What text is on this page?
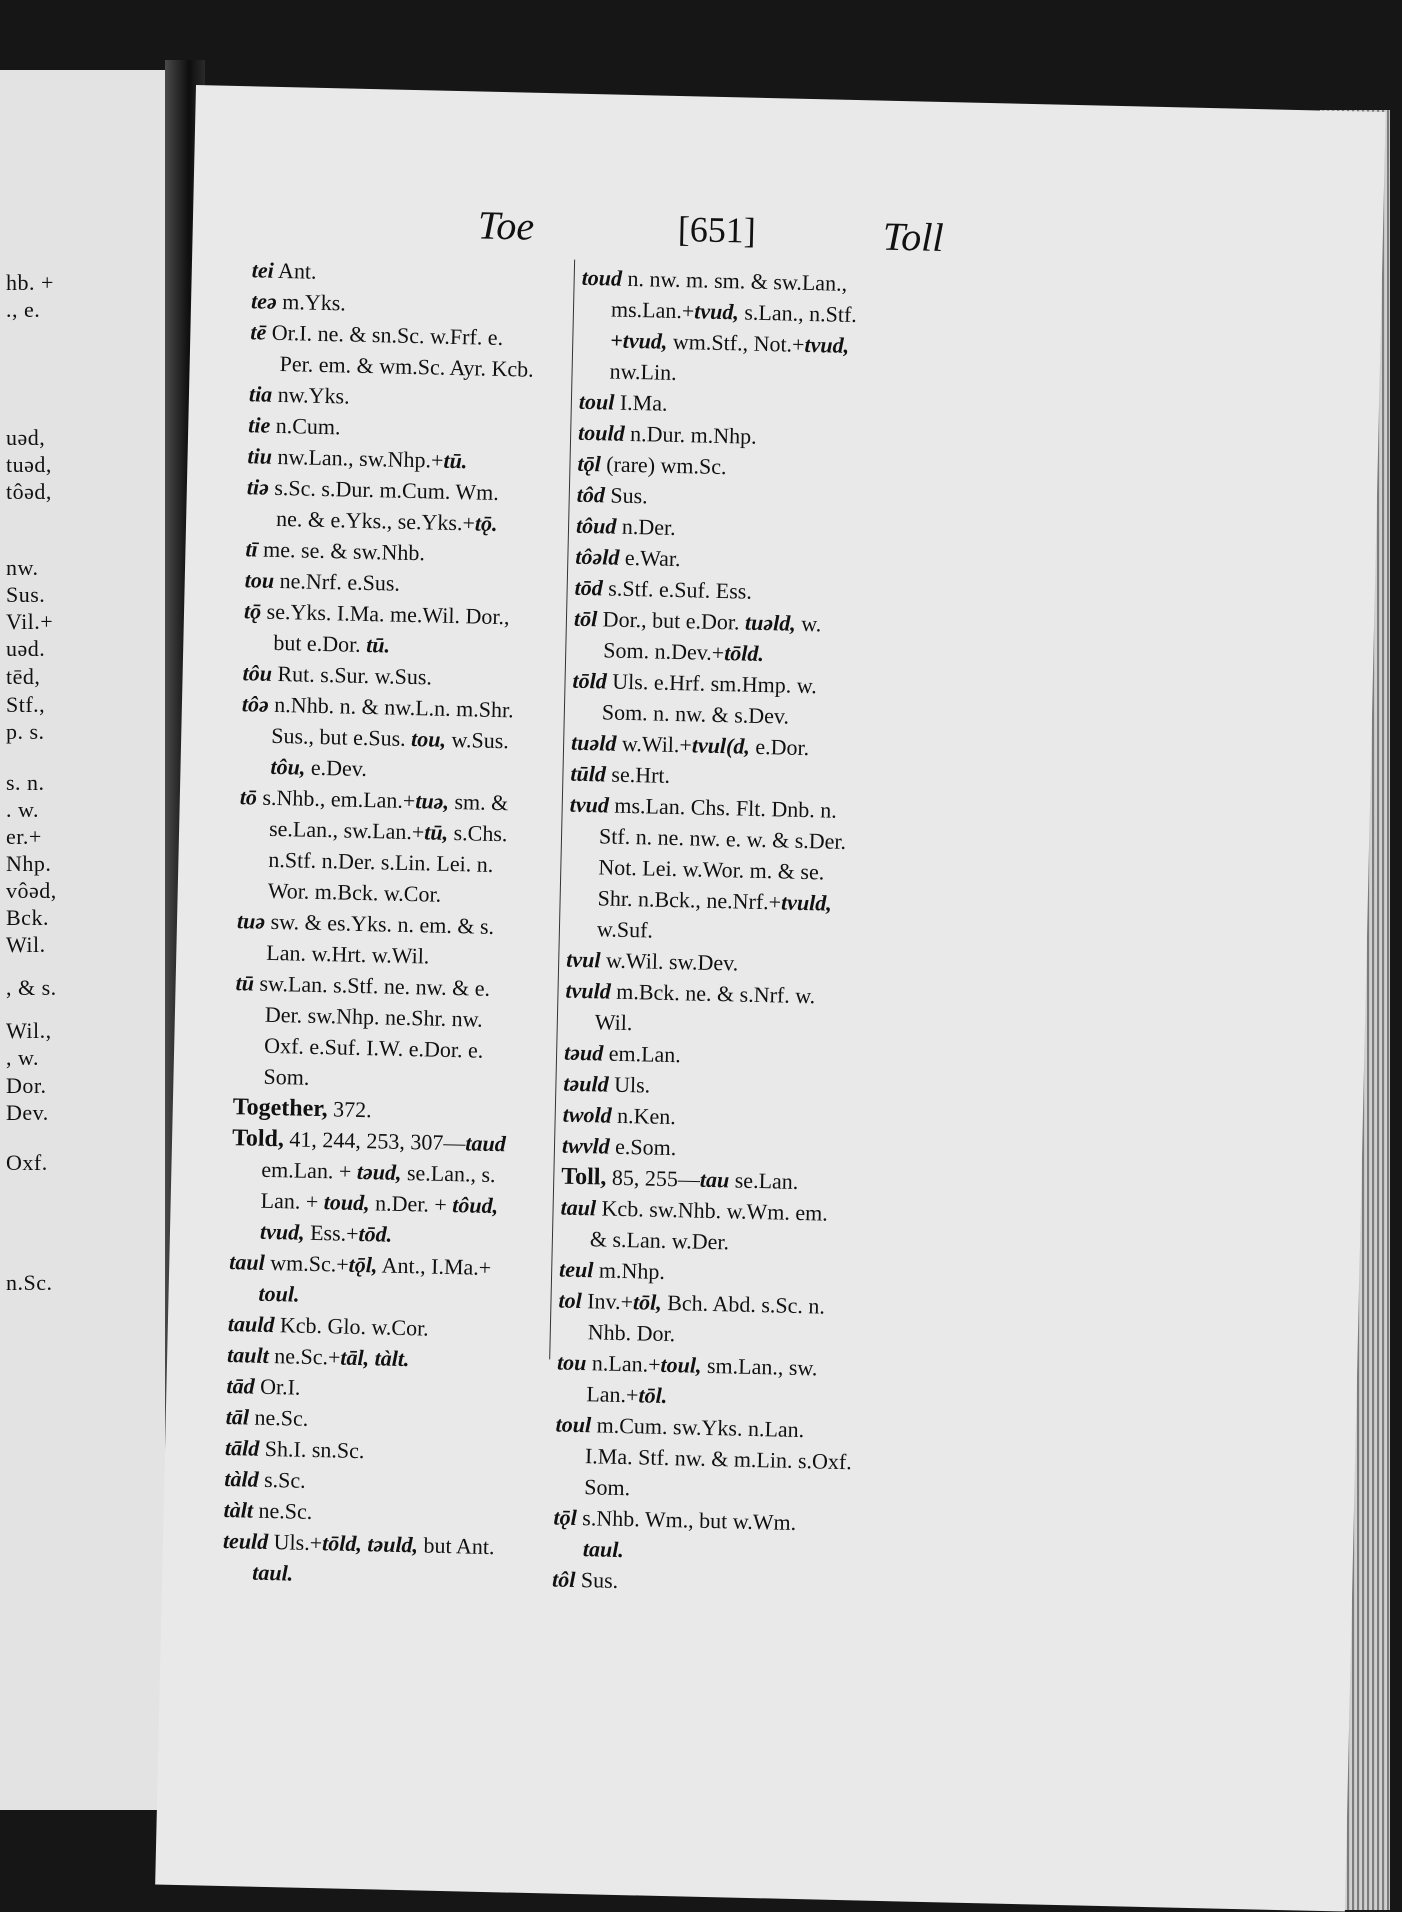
hb. +
., e.
uəd,
tuəd,
tôəd,
nw.
Sus.
Vil.+
uəd.
tēd,
Stf.,
p. s.
s. n.
. w.
er.+
Nhp.
vôəd,
Bck.
Wil.
, & s.
Wil.,
, w.
Dor.
Dev.
Oxf.
n.Sc.
Toe	[651]	Toll
tei Ant.
teə m.Yks.
tē Or.I. ne. & sn.Sc. w.Frf. e.
Per. em. & wm.Sc. Ayr. Kcb.
tia nw.Yks.
tie n.Cum.
tiu nw.Lan., sw.Nhp.+tū.
tiə s.Sc. s.Dur. m.Cum. Wm.
ne. & e.Yks., se.Yks.+tǭ.
tī me. se. & sw.Nhb.
tou ne.Nrf. e.Sus.
tǭ se.Yks. I.Ma. me.Wil. Dor.,
but e.Dor. tū.
tôu Rut. s.Sur. w.Sus.
tôə n.Nhb. n. & nw.L.n. m.Shr.
Sus., but e.Sus. tou, w.Sus.
tôu, e.Dev.
tō s.Nhb., em.Lan.+tuə, sm. &
se.Lan., sw.Lan.+tū, s.Chs.
n.Stf. n.Der. s.Lin. Lei. n.
Wor. m.Bck. w.Cor.
tuə sw. & es.Yks. n. em. & s.
Lan. w.Hrt. w.Wil.
tū sw.Lan. s.Stf. ne. nw. & e.
Der. sw.Nhp. ne.Shr. nw.
Oxf. e.Suf. I.W. e.Dor. e.
Som.
Together, 372.
Told, 41, 244, 253, 307—taud
em.Lan. + təud, se.Lan., s.
Lan. + toud, n.Der. + tôud,
tvud, Ess.+tōd.
taul wm.Sc.+tǭl, Ant., I.Ma.+
toul.
tauld Kcb. Glo. w.Cor.
tault ne.Sc.+tāl, tàlt.
tād Or.I.
tāl ne.Sc.
tāld Sh.I. sn.Sc.
tàld s.Sc.
tàlt ne.Sc.
teuld Uls.+tōld, təuld, but Ant.
taul.
toud n. nw. m. sm. & sw.Lan.,
ms.Lan.+tvud, s.Lan., n.Stf.
+tvud, wm.Stf., Not.+tvud,
nw.Lin.
toul I.Ma.
tould n.Dur. m.Nhp.
tǭl (rare) wm.Sc.
tôd Sus.
tôud n.Der.
tôəld e.War.
tōd s.Stf. e.Suf. Ess.
tōl Dor., but e.Dor. tuəld, w.
Som. n.Dev.+tōld.
tōld Uls. e.Hrf. sm.Hmp. w.
Som. n. nw. & s.Dev.
tuəld w.Wil.+tvul(d, e.Dor.
tūld se.Hrt.
tvud ms.Lan. Chs. Flt. Dnb. n.
Stf. n. ne. nw. e. w. & s.Der.
Not. Lei. w.Wor. m. & se.
Shr. n.Bck., ne.Nrf.+tvuld,
w.Suf.
tvul w.Wil. sw.Dev.
tvuld m.Bck. ne. & s.Nrf. w.
Wil.
təud em.Lan.
təuld Uls.
twold n.Ken.
twvld e.Som.
Toll, 85, 255—tau se.Lan.
taul Kcb. sw.Nhb. w.Wm. em.
& s.Lan. w.Der.
teul m.Nhp.
tol Inv.+tōl, Bch. Abd. s.Sc. n.
Nhb. Dor.
tou n.Lan.+toul, sm.Lan., sw.
Lan.+tōl.
toul m.Cum. sw.Yks. n.Lan.
I.Ma. Stf. nw. & m.Lin. s.Oxf.
Som.
tǭl s.Nhb. Wm., but w.Wm.
taul.
tôl Sus.
